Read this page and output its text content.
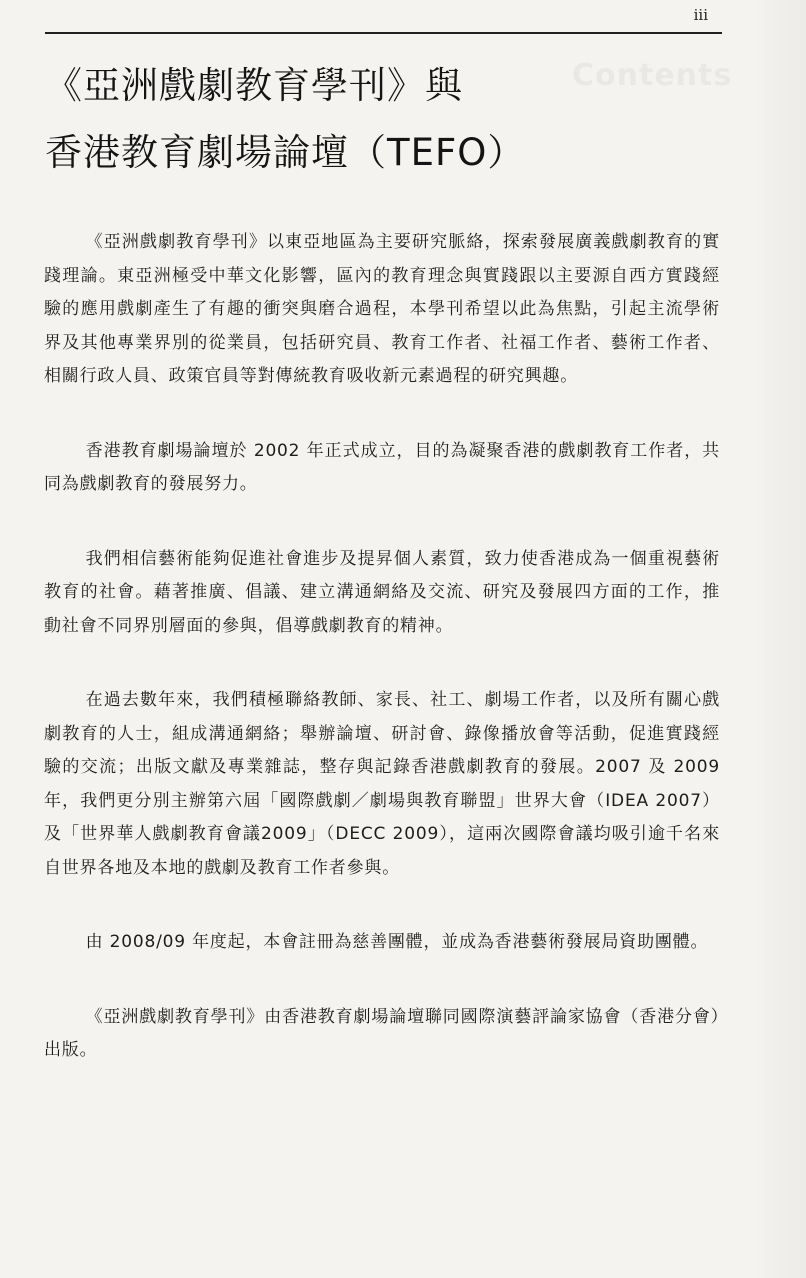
iii
《亞洲戲劇教育學刊》與
香港教育劇場論壇（TEFO）

《亞洲戲劇教育學刊》以東亞地區為主要研究脈絡，探索發展廣義戲劇教育的實踐理論。東亞洲極受中華文化影響，區內的教育理念與實踐跟以主要源自西方實踐經驗的應用戲劇產生了有趣的衝突與磨合過程，本學刊希望以此為焦點，引起主流學術界及其他專業界別的從業員，包括研究員、教育工作者、社福工作者、藝術工作者、相關行政人員、政策官員等對傳統教育吸收新元素過程的研究興趣。

香港教育劇場論壇於 2002 年正式成立，目的為凝聚香港的戲劇教育工作者，共同為戲劇教育的發展努力。

我們相信藝術能夠促進社會進步及提昇個人素質，致力使香港成為一個重視藝術教育的社會。藉著推廣、倡議、建立溝通網絡及交流、研究及發展四方面的工作，推動社會不同界別層面的參與，倡導戲劇教育的精神。

在過去數年來，我們積極聯絡教師、家長、社工、劇場工作者，以及所有關心戲劇教育的人士，組成溝通網絡；舉辦論壇、研討會、錄像播放會等活動，促進實踐經驗的交流；出版文獻及專業雜誌，整存與記錄香港戲劇教育的發展。2007 及 2009 年，我們更分別主辦第六屆「國際戲劇／劇場與教育聯盟」世界大會（IDEA 2007）及「世界華人戲劇教育會議2009」（DECC 2009），這兩次國際會議均吸引逾千名來自世界各地及本地的戲劇及教育工作者參與。

由 2008/09 年度起，本會註冊為慈善團體，並成為香港藝術發展局資助團體。

《亞洲戲劇教育學刊》由香港教育劇場論壇聯同國際演藝評論家協會（香港分會）出版。
